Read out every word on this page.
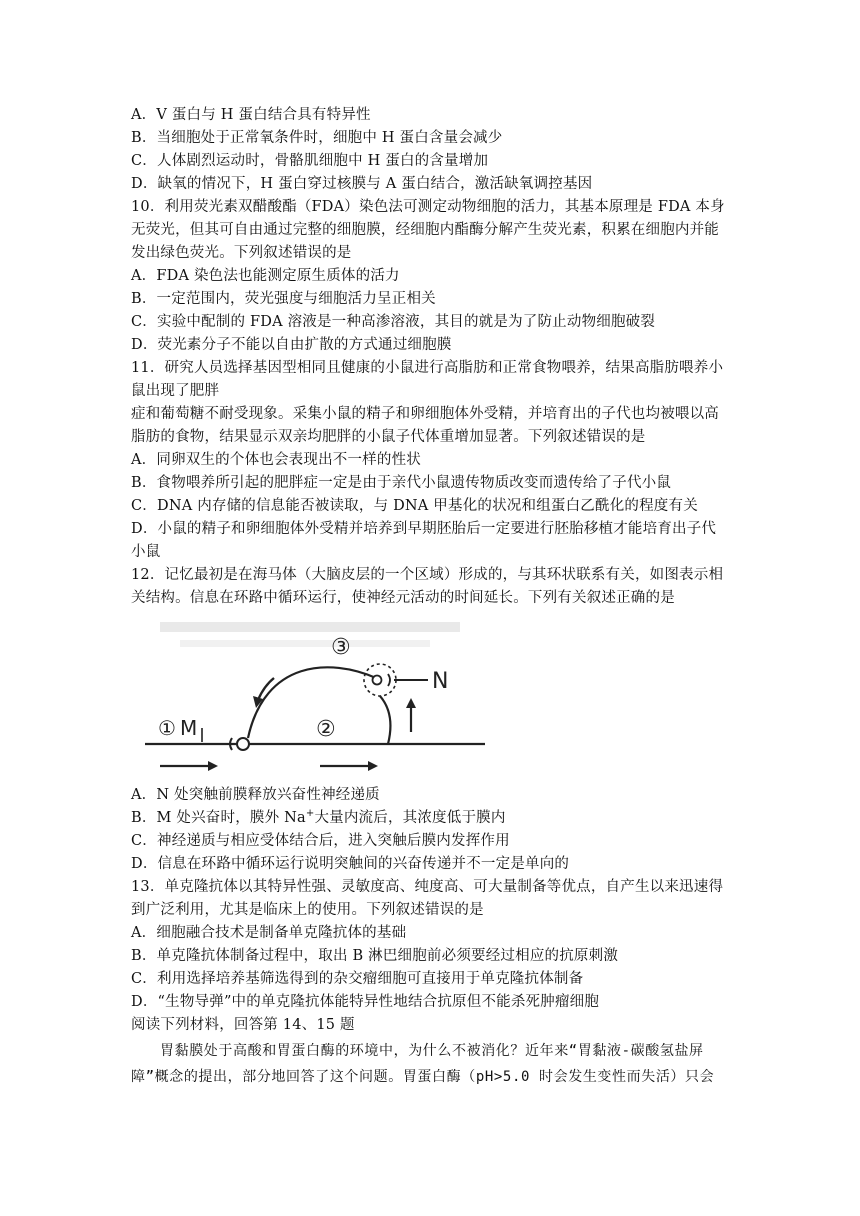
A．V 蛋白与 H 蛋白结合具有特异性
B．当细胞处于正常氧条件时，细胞中 H 蛋白含量会减少
C．人体剧烈运动时，骨骼肌细胞中 H 蛋白的含量增加
D．缺氧的情况下，H 蛋白穿过核膜与 A 蛋白结合，激活缺氧调控基因
10．利用荧光素双醋酸酯（FDA）染色法可测定动物细胞的活力，其基本原理是 FDA 本身
无荧光，但其可自由通过完整的细胞膜，经细胞内酯酶分解产生荧光素，积累在细胞内并能
发出绿色荧光。下列叙述错误的是
A．FDA 染色法也能测定原生质体的活力
B．一定范围内，荧光强度与细胞活力呈正相关
C．实验中配制的 FDA 溶液是一种高渗溶液，其目的就是为了防止动物细胞破裂
D．荧光素分子不能以自由扩散的方式通过细胞膜
11．研究人员选择基因型相同且健康的小鼠进行高脂肪和正常食物喂养，结果高脂肪喂养小
鼠出现了肥胖
症和葡萄糖不耐受现象。采集小鼠的精子和卵细胞体外受精，并培育出的子代也均被喂以高
脂肪的食物，结果显示双亲均肥胖的小鼠子代体重增加显著。下列叙述错误的是
A．同卵双生的个体也会表现出不一样的性状
B．食物喂养所引起的肥胖症一定是由于亲代小鼠遗传物质改变而遗传给了子代小鼠
C．DNA 内存储的信息能否被读取，与 DNA 甲基化的状况和组蛋白乙酰化的程度有关
D．小鼠的精子和卵细胞体外受精并培养到早期胚胎后一定要进行胚胎移植才能培育出子代
小鼠
12．记忆最初是在海马体（大脑皮层的一个区域）形成的，与其环状联系有关，如图表示相
关结构。信息在环路中循环运行，使神经元活动的时间延长。下列有关叙述正确的是
① M	②
③
N
A．N 处突触前膜释放兴奋性神经递质
B．M 处兴奋时，膜外 Na+大量内流后，其浓度低于膜内
C．神经递质与相应受体结合后，进入突触后膜内发挥作用
D．信息在环路中循环运行说明突触间的兴奋传递并不一定是单向的
13．单克隆抗体以其特异性强、灵敏度高、纯度高、可大量制备等优点，自产生以来迅速得
到广泛利用，尤其是临床上的使用。下列叙述错误的是
A．细胞融合技术是制备单克隆抗体的基础
B．单克隆抗体制备过程中，取出 B 淋巴细胞前必须要经过相应的抗原刺激
C．利用选择培养基筛选得到的杂交瘤细胞可直接用于单克隆抗体制备
D．“生物导弹”中的单克隆抗体能特异性地结合抗原但不能杀死肿瘤细胞
阅读下列材料，回答第 14、15 题
胃黏膜处于高酸和胃蛋白酶的环境中，为什么不被消化？近年来“胃黏液-碳酸氢盐屏
障”概念的提出，部分地回答了这个问题。胃蛋白酶（pH>5.0 时会发生变性而失活）只会
